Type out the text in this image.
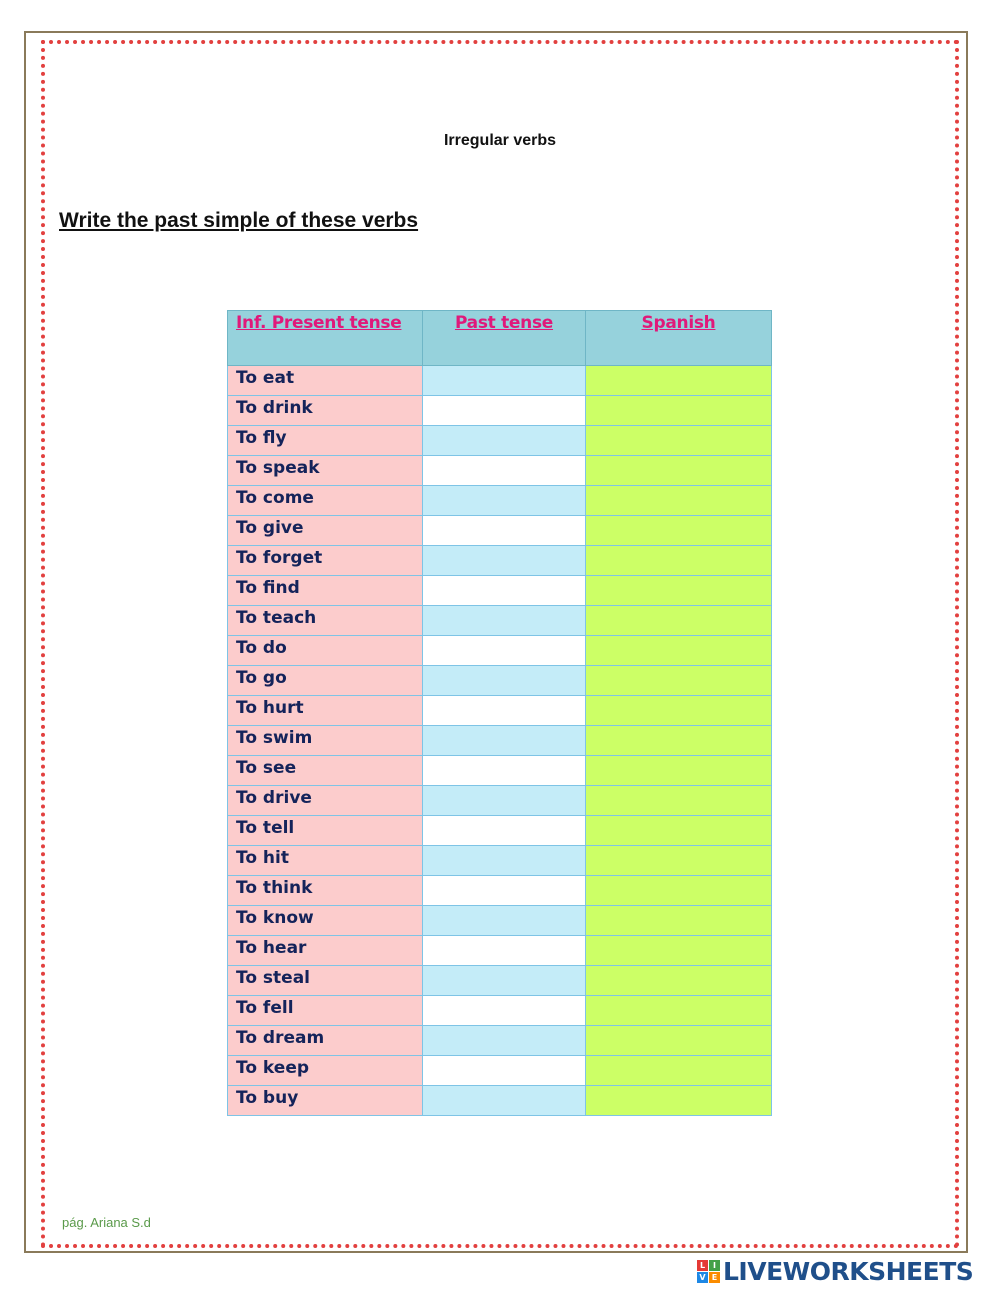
Irregular verbs
Write the past simple of these verbs
Inf. Present tense	Past tense	Spanish
To eat		
To drink		
To fly		
To speak		
To come		
To give		
To forget		
To find		
To teach		
To do		
To go		
To hurt		
To swim		
To see		
To drive		
To tell		
To hit		
To think		
To know		
To hear		
To steal		
To fell		
To dream		
To keep		
To buy		
pág. Ariana S.d
L I
V E LIVEWORKSHEETS
